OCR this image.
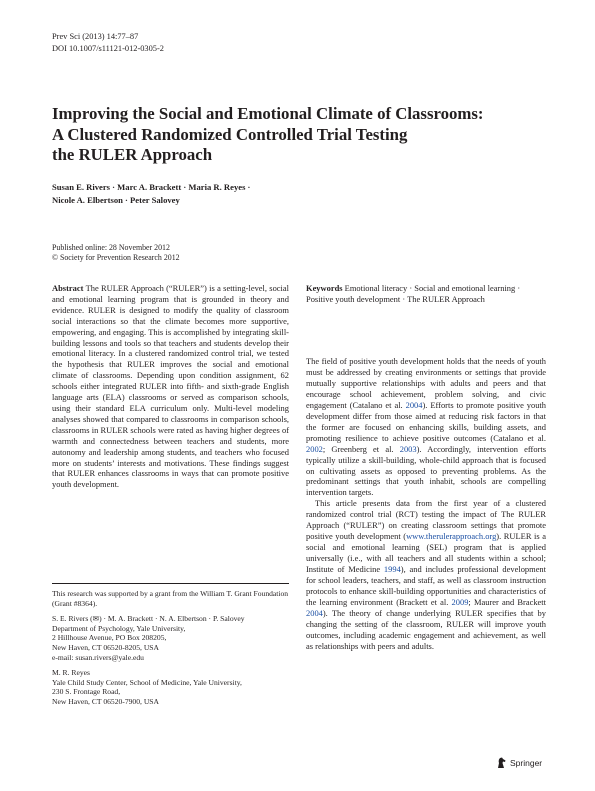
Prev Sci (2013) 14:77–87
DOI 10.1007/s11121-012-0305-2
Improving the Social and Emotional Climate of Classrooms:
A Clustered Randomized Controlled Trial Testing
the RULER Approach
Susan E. Rivers · Marc A. Brackett · Maria R. Reyes ·
Nicole A. Elbertson · Peter Salovey
Published online: 28 November 2012
© Society for Prevention Research 2012
Abstract The RULER Approach (“RULER”) is a setting-level, social and emotional learning program that is grounded in theory and evidence. RULER is designed to modify the quality of classroom social interactions so that the climate becomes more supportive, empowering, and engaging. This is accomplished by integrating skill-building lessons and tools so that teachers and students develop their emotional literacy. In a clustered randomized control trial, we tested the hypothesis that RULER improves the social and emotional climate of classrooms. Depending upon condition assignment, 62 schools either integrated RULER into fifth- and sixth-grade English language arts (ELA) classrooms or served as comparison schools, using their standard ELA curriculum only. Multi-level modeling analyses showed that compared to classrooms in comparison schools, classrooms in RULER schools were rated as having higher degrees of warmth and connectedness between teachers and students, more autonomy and leadership among students, and teachers who focused more on students’ interests and motivations. These findings suggest that RULER enhances classrooms in ways that can promote positive youth development.

This research was supported by a grant from the William T. Grant Foundation (Grant #8364).

S. E. Rivers (✉) · M. A. Brackett · N. A. Elbertson · P. Salovey
Department of Psychology, Yale University,
2 Hillhouse Avenue, PO Box 208205,
New Haven, CT 06520-8205, USA
e-mail: susan.rivers@yale.edu

M. R. Reyes
Yale Child Study Center, School of Medicine, Yale University,
230 S. Frontage Road,
New Haven, CT 06520-7900, USA

Keywords Emotional literacy · Social and emotional learning · Positive youth development · The RULER Approach

The field of positive youth development holds that the needs of youth must be addressed by creating environments or settings that provide mutually supportive relationships with adults and peers and that encourage school achievement, problem solving, and civic engagement (Catalano et al. 2004). Efforts to promote positive youth development differ from those aimed at reducing risk factors in that the former are focused on enhancing skills, building assets, and promoting resilience to achieve positive outcomes (Catalano et al. 2002; Greenberg et al. 2003). Accordingly, intervention efforts typically utilize a skill-building, whole-child approach that is focused on cultivating assets as opposed to preventing problems. As the predominant settings that youth inhabit, schools are compelling intervention targets.

This article presents data from the first year of a clustered randomized control trial (RCT) testing the impact of The RULER Approach (“RULER”) on creating classroom settings that promote positive youth development (www.therulerapproach.org). RULER is a social and emotional learning (SEL) program that is applied universally (i.e., with all teachers and all students within a school; Institute of Medicine 1994), and includes professional development for school leaders, teachers, and staff, as well as classroom instruction protocols to enhance skill-building opportunities and characteristics of the learning environment (Brackett et al. 2009; Maurer and Brackett 2004). The theory of change underlying RULER specifies that by changing the setting of the classroom, RULER will improve youth outcomes, including academic engagement and achievement, as well as relationships with peers and adults.

Springer
